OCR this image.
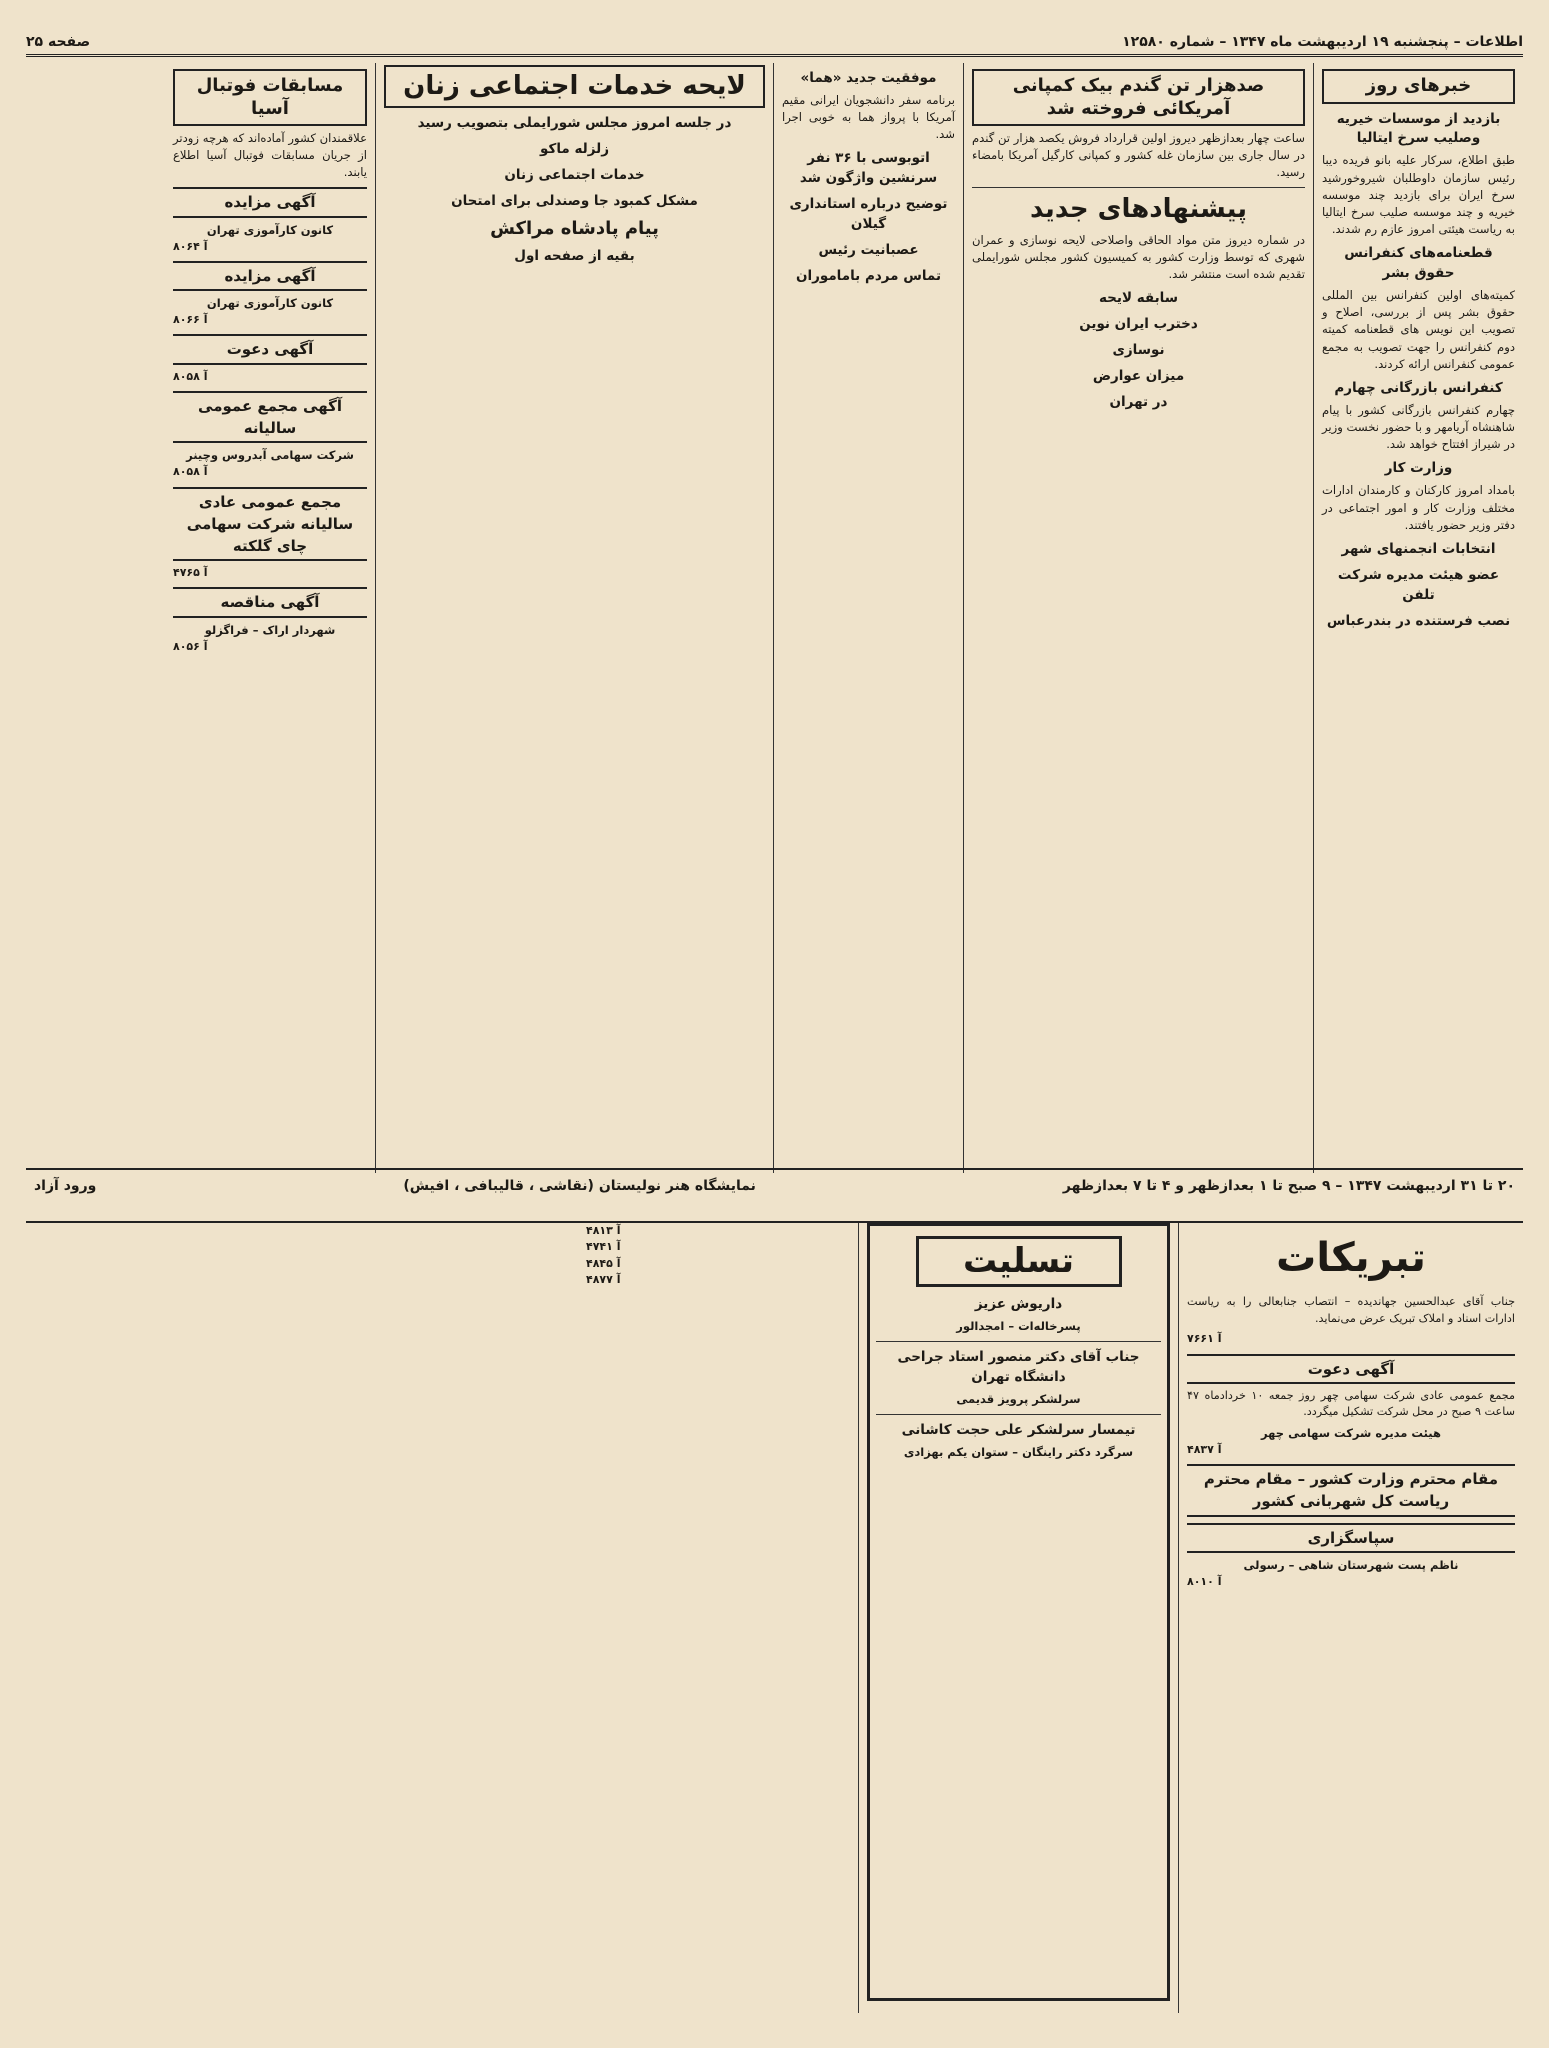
اطلاعات – پنجشنبه ۱۹ اردیبهشت ماه ۱۳۴۷ – شماره ۱۲۵۸۰
صفحه ۲۵
خبرهای روز
بازدید از موسسات خیریه وصلیب سرخ ایتالیا

طبق اطلاع، سرکار علیه بانو فریده دیبا رئیس سازمان داوطلبان شیروخورشید سرخ ایران برای بازدید چند موسسه خیریه و چند موسسه صلیب سرخ ایتالیا به ریاست هیئتی امروز عازم رم شدند.

قطعنامه‌های کنفرانس حقوق بشر

کمیته‌های اولین کنفرانس بین المللی حقوق بشر پس از بررسی، اصلاح و تصویب این نویس های قطعنامه کمیته دوم کنفرانس را جهت تصویب به مجمع عمومی کنفرانس ارائه کردند.

کنفرانس بازرگانی چهارم

چهارم کنفرانس بازرگانی کشور با پیام شاهنشاه آریامهر و با حضور نخست وزیر در شیراز افتتاح خواهد شد.

وزارت کار

بامداد امروز کارکنان و کارمندان ادارات مختلف وزارت کار و امور اجتماعی در دفتر وزیر حضور یافتند.

انتخابات انجمنهای شهر
عضو هیئت مدیره شرکت تلفن
نصب فرستنده در بندرعباس
صدهزار تن گندم بیک کمپانی آمریکائی فروخته شد

ساعت چهار بعدازظهر دیروز اولین قرارداد فروش یکصد هزار تن گندم در سال جاری بین سازمان غله کشور و کمپانی کارگیل آمریکا بامضاء رسید.

پیشنهادهای جدید

در شماره دیروز متن مواد الحاقی واصلاحی لایحه نوسازی و عمران شهری که توسط وزارت کشور به کمیسیون کشور مجلس شورایملی تقدیم شده است منتشر شد.

سابقه لایحه
دخترب ایران نوین
نوسازی
میزان عوارض
در تهران
موفقیت جدید «هما»

برنامه سفر دانشجویان ایرانی مقیم آمریکا با پرواز هما به خوبی اجرا شد.

اتوبوسی با ۳۶ نفر سرنشین واژگون شد
توضیح درباره استانداری گیلان
عصبانیت رئیس
تماس مردم باماموران
لایحه خدمات اجتماعی زنان
در جلسه امروز مجلس شورایملی بتصویب رسید
زلزله ماکو
خدمات اجتماعی زنان
مشکل کمبود جا وصندلی برای امتحان
پیام پادشاه مراکش
بقیه از صفحه اول
مسابقات فوتبال آسیا

علاقمندان کشور آماده‌اند که هرچه زودتر از جریان مسابقات فوتبال آسیا اطلاع یابند.

آگهی مزایده
کانون کارآموزی تهران
آ ۸۰۶۴
آگهی مزایده
کانون کارآموزی تهران
آ ۸۰۶۶
آگهی دعوت
آ ۸۰۵۸
آگهی مجمع عمومی سالیانه
شرکت سهامی آبدروس وچینر
آ ۸۰۵۸
مجمع عمومی عادی سالیانه شرکت سهامی چای گلکته
آ ۴۷۶۵
آگهی مناقصه
شهردار اراک – فراگزلو
آ ۸۰۵۶
۲۰ تا ۳۱ اردیبهشت ۱۳۴۷ – ۹ صبح تا ۱ بعدازظهر و ۴ تا ۷ بعدازظهر
نمایشگاه هنر نولیستان (نقاشی ، قالیبافی ، افیش)
ورود آزاد
تبریکات

جناب آقای عبدالحسین جهاندیده – انتصاب جنابعالی را به ریاست ادارات اسناد و املاک تبریک عرض می‌نماید.

آ ۷۶۶۱
آگهی دعوت

مجمع عمومی عادی شرکت سهامی چهر روز جمعه ۱۰ خردادماه ۴۷ ساعت ۹ صبح در محل شرکت تشکیل میگردد.

هیئت مدیره شرکت سهامی چهر
آ ۴۸۳۷
مقام محترم وزارت کشور – مقام محترم ریاست کل شهربانی کشور
سپاسگزاری
ناظم پست شهرستان شاهی – رسولی
آ ۸۰۱۰
تسلیت
داریوش عزیز
پسرخاله‌ات – امجدالور
جناب آقای دکتر منصور استاد جراحی دانشگاه تهران
سرلشکر پرویز قدیمی
تیمسار سرلشکر علی حجت کاشانی
سرگرد دکتر راینگان – ستوان یکم بهزادی
آ ۴۸۱۳
آ ۴۷۴۱
آ ۴۸۴۵
آ ۴۸۷۷
